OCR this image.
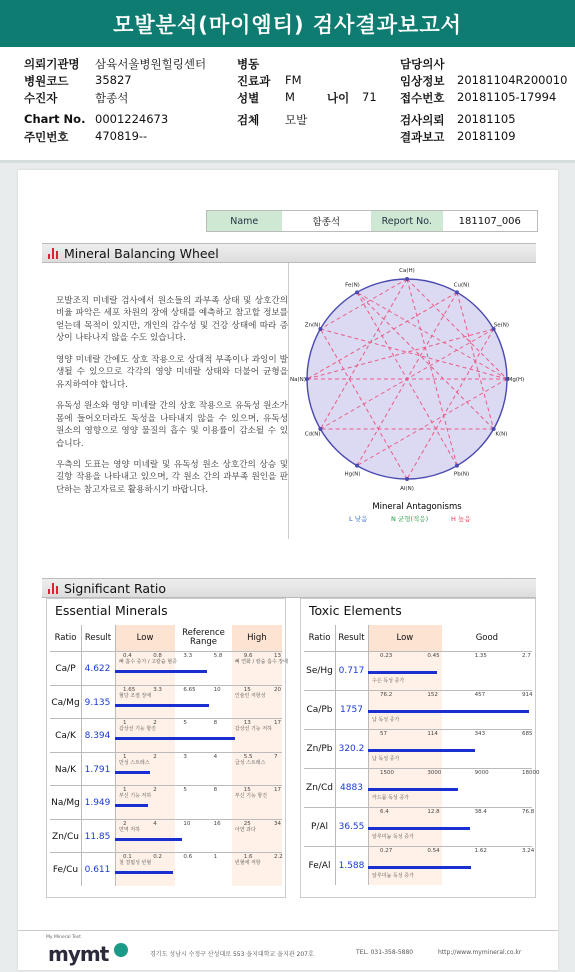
모발분석(마이엠티) 검사결과보고서
Name	함종석	Report No.	181107_006
Mineral Balancing Wheel

모발조직 미네랄 검사에서 원소들의 과부족 상태 및 상호간의 비율 파악은 세포 차원의 장애 상태를 예측하고 참고할 정보를 얻는데 목적이 있지만, 개인의 감수성 및 건강 상태에 따라 증상이 나타나지 않을 수도 있습니다.

영양 미네랄 간에도 상호 작용으로 상대적 부족이나 과잉이 발생될 수 있으므로 각각의 영양 미네랄 상태와 더불어 균형을 유지하여야 합니다.

유독성 원소와 영양 미네랄 간의 상호 작용으로 유독성 원소가 몸에 들어오더라도 독성을 나타내지 않을 수 있으며, 유독성 원소의 영향으로 영양 물질의 흡수 및 이용률이 감소될 수 있습니다.

우측의 도표는 영양 미네랄 및 유독성 원소 상호간의 상승 및 길항 작용을 나타내고 있으며, 각 원소 간의 과부족 원인을 판단하는 참고자료로 활용하시기 바랍니다.

Ca(H)
Cu(N)
Se(N)
Mg(H)
K(N)
Pb(N)
Al(N)
Hg(N)
Cd(N)
Na(N)
Zn(N)
Fe(N)
Mineral Antagonisms
L 낮음	N 균형(적응)	H 높음
Significant Ratio
Essential Minerals
Ratio Result	Low	Reference Range	High
Ca/P 4.622
0.4	0.8	3.3	5.8	9.6	13
뼈 흡수 증가 / 고칼슘 혈증	뼈 연화 / 칼슘 흡수 장애
Ca/Mg 9.135
1.65	3.3	6.65	10	15	20
혈당 조절 장애	인슐린 저항성
Ca/K 8.394
1	2	5	8	13	17
갑상선 기능 항진	갑상선 기능 저하
Na/K 1.791
1	2	3	4	5.5	7
만성 스트레스	급성 스트레스
Na/Mg 1.949
1	2	5	8	15	17
부신 기능 저하	부신 기능 항진
Zn/Cu 11.85
2	4	10	16	25	34
면역 저하	아연 과다
Fe/Cu 0.611
0.1	0.2	0.6	1	1.6	2.2
철 결핍성 빈혈	빈혈에 저항
Toxic Elements
Ratio Result	Low	Good
Se/Hg 0.717
0.23	0.45	1.35	2.7
수은 독성 증가
Ca/Pb 1757
76.2	152	457	914
납 독성 증가
Zn/Pb 320.2
57	114	343	685
납 독성 증가
Zn/Cd 4883
1500	3000	9000	18000
카드뮴 독성 증가
P/Al	36.55
6.4	12.8	38.4	76.8
알루미늄 독성 증가
Fe/Al 1.588
0.27	0.54	1.62	3.24
알루미늄 독성 증가
My Mineral Test
mymt	경기도 성남시 수정구 산성대로 553 을지대학교 을지관 207호	TEL. 031-358-5880	http://www.mymineral.co.kr
의뢰기관명 삼육서울병원힐링센터
병원코드 35827
수진자	함종석
Chart No. 0001224673
주민번호 470819--
병동
진료과 FM
성별 M
검체 모발
나이 71
담당의사
임상정보 20181104R200010
접수번호 20181105-17994
검사의뢰 20181105
결과보고 20181109
